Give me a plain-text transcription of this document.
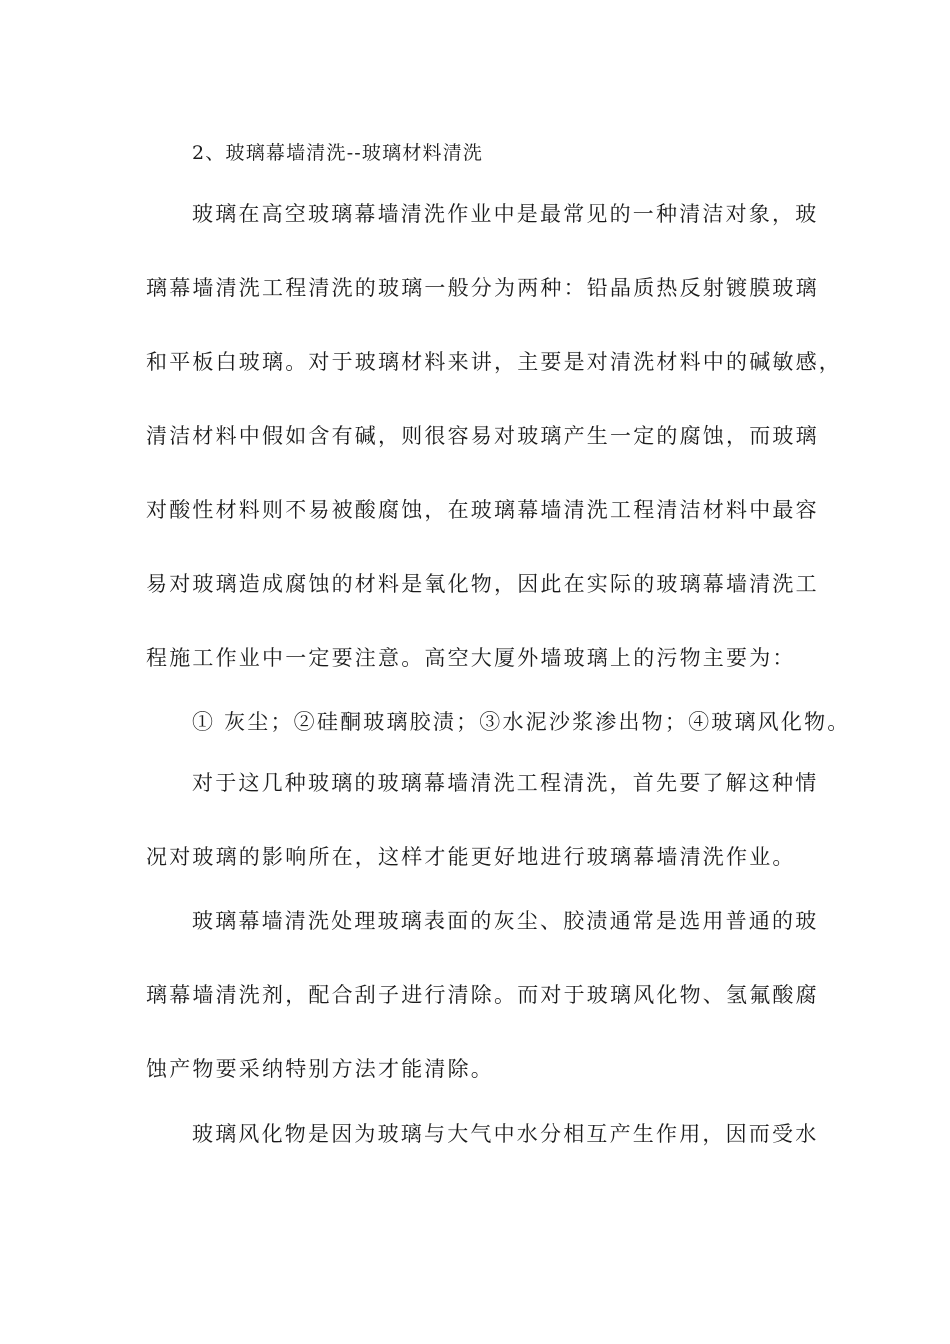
2、玻璃幕墙清洗--玻璃材料清洗
玻璃在高空玻璃幕墙清洗作业中是最常见的一种清洁对象，玻
璃幕墙清洗工程清洗的玻璃一般分为两种：铅晶质热反射镀膜玻璃
和平板白玻璃。对于玻璃材料来讲，主要是对清洗材料中的碱敏感，
清洁材料中假如含有碱，则很容易对玻璃产生一定的腐蚀，而玻璃
对酸性材料则不易被酸腐蚀，在玻璃幕墙清洗工程清洁材料中最容
易对玻璃造成腐蚀的材料是氧化物，因此在实际的玻璃幕墙清洗工
程施工作业中一定要注意。高空大厦外墙玻璃上的污物主要为：
① 灰尘；②硅酮玻璃胶渍；③水泥沙浆渗出物；④玻璃风化物。
对于这几种玻璃的玻璃幕墙清洗工程清洗，首先要了解这种情
况对玻璃的影响所在，这样才能更好地进行玻璃幕墙清洗作业。
玻璃幕墙清洗处理玻璃表面的灰尘、胶渍通常是选用普通的玻
璃幕墙清洗剂，配合刮子进行清除。而对于玻璃风化物、氢氟酸腐
蚀产物要采纳特别方法才能清除。
玻璃风化物是因为玻璃与大气中水分相互产生作用，因而受水
